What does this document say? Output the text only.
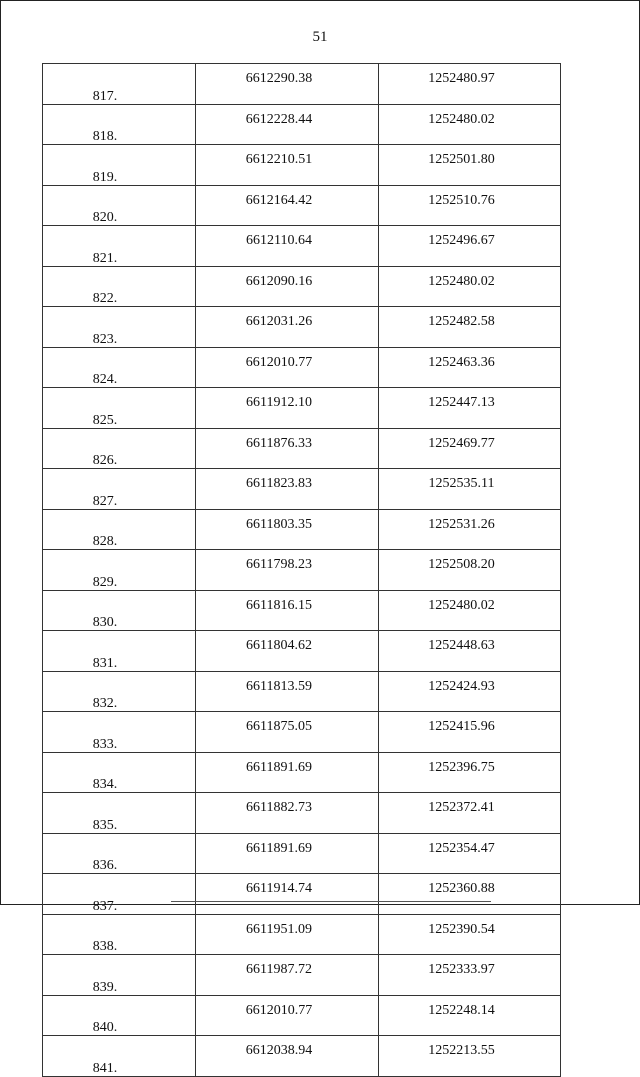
51
817.	6612290.38	1252480.97
818.	6612228.44	1252480.02
819.	6612210.51	1252501.80
820.	6612164.42	1252510.76
821.	6612110.64	1252496.67
822.	6612090.16	1252480.02
823.	6612031.26	1252482.58
824.	6612010.77	1252463.36
825.	6611912.10	1252447.13
826.	6611876.33	1252469.77
827.	6611823.83	1252535.11
828.	6611803.35	1252531.26
829.	6611798.23	1252508.20
830.	6611816.15	1252480.02
831.	6611804.62	1252448.63
832.	6611813.59	1252424.93
833.	6611875.05	1252415.96
834.	6611891.69	1252396.75
835.	6611882.73	1252372.41
836.	6611891.69	1252354.47
837.	6611914.74	1252360.88
838.	6611951.09	1252390.54
839.	6611987.72	1252333.97
840.	6612010.77	1252248.14
841.	6612038.94	1252213.55
